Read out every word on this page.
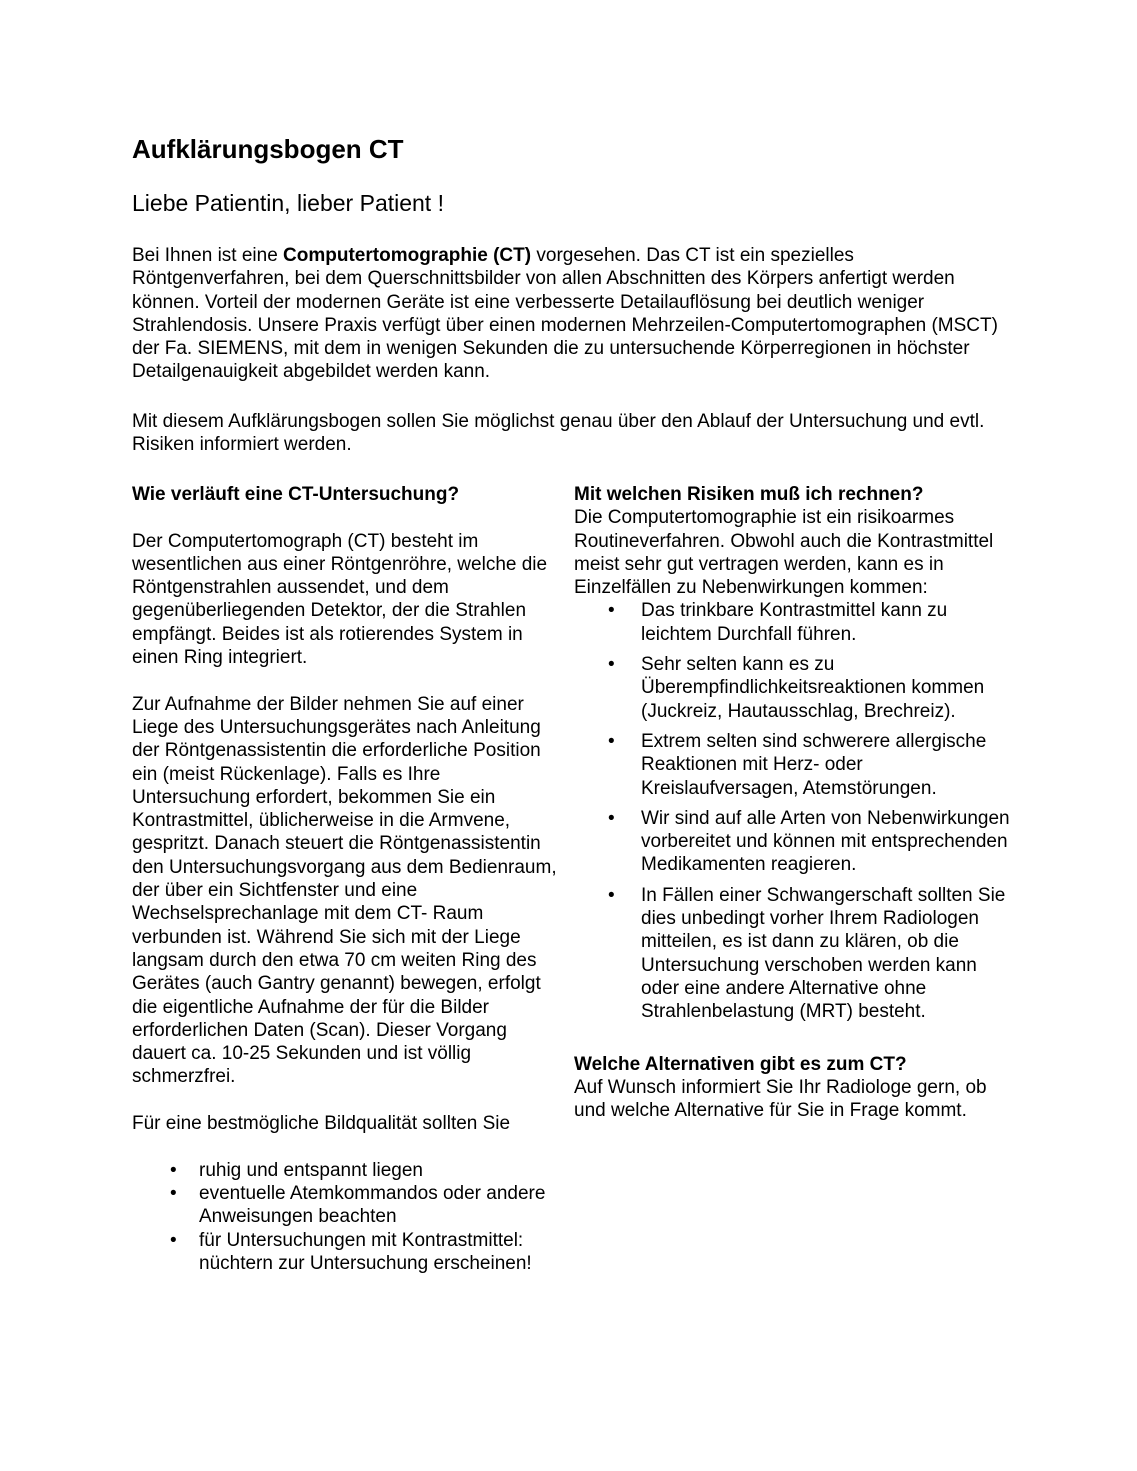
Aufklärungsbogen CT
Liebe Patientin, lieber Patient !

Bei Ihnen ist eine Computertomographie (CT) vorgesehen. Das CT ist ein spezielles Röntgenverfahren, bei dem Querschnittsbilder von allen Abschnitten des Körpers anfertigt werden können. Vorteil der modernen Geräte ist eine verbesserte Detailauflösung bei deutlich weniger Strahlendosis. Unsere Praxis verfügt über einen modernen Mehrzeilen-Computertomographen (MSCT) der Fa. SIEMENS, mit dem in wenigen Sekunden die zu untersuchende Körperregionen in höchster Detailgenauigkeit abgebildet werden kann.

Mit diesem Aufklärungsbogen sollen Sie möglichst genau über den Ablauf der Untersuchung und evtl. Risiken informiert werden.

Wie verläuft eine CT-Untersuchung?

Der Computertomograph (CT) besteht im wesentlichen aus einer Röntgenröhre, welche die Röntgenstrahlen aussendet, und dem gegenüberliegenden Detektor, der die Strahlen empfängt. Beides ist als rotierendes System in einen Ring integriert.

Zur Aufnahme der Bilder nehmen Sie auf einer Liege des Untersuchungsgerätes nach Anleitung der Röntgenassistentin die erforderliche Position ein (meist Rückenlage). Falls es Ihre Untersuchung erfordert, bekommen Sie ein Kontrastmittel, üblicherweise in die Armvene, gespritzt. Danach steuert die Röntgenassistentin den Untersuchungsvorgang aus dem Bedienraum, der über ein Sichtfenster und eine Wechselsprechanlage mit dem CT- Raum verbunden ist. Während Sie sich mit der Liege langsam durch den etwa 70 cm weiten Ring des Gerätes (auch Gantry genannt) bewegen, erfolgt die eigentliche Aufnahme der für die Bilder erforderlichen Daten (Scan). Dieser Vorgang dauert ca. 10-25 Sekunden und ist völlig schmerzfrei.

Für eine bestmögliche Bildqualität sollten Sie

• ruhig und entspannt liegen
• eventuelle Atemkommandos oder andere Anweisungen beachten
• für Untersuchungen mit Kontrastmittel: nüchtern zur Untersuchung erscheinen!
Mit welchen Risiken muß ich rechnen?

Die Computertomographie ist ein risikoarmes Routineverfahren. Obwohl auch die Kontrastmittel meist sehr gut vertragen werden, kann es in Einzelfällen zu Nebenwirkungen kommen:

• Das trinkbare Kontrastmittel kann zu leichtem Durchfall führen.
• Sehr selten kann es zu Überempfindlichkeitsreaktionen kommen (Juckreiz, Hautausschlag, Brechreiz).
• Extrem selten sind schwerere allergische Reaktionen mit Herz- oder Kreislaufversagen, Atemstörungen.
• Wir sind auf alle Arten von Nebenwirkungen vorbereitet und können mit entsprechenden Medikamenten reagieren.
• In Fällen einer Schwangerschaft sollten Sie dies unbedingt vorher Ihrem Radiologen mitteilen, es ist dann zu klären, ob die Untersuchung verschoben werden kann oder eine andere Alternative ohne Strahlenbelastung (MRT) besteht.
Welche Alternativen gibt es zum CT?

Auf Wunsch informiert Sie Ihr Radiologe gern, ob und welche Alternative für Sie in Frage kommt.
